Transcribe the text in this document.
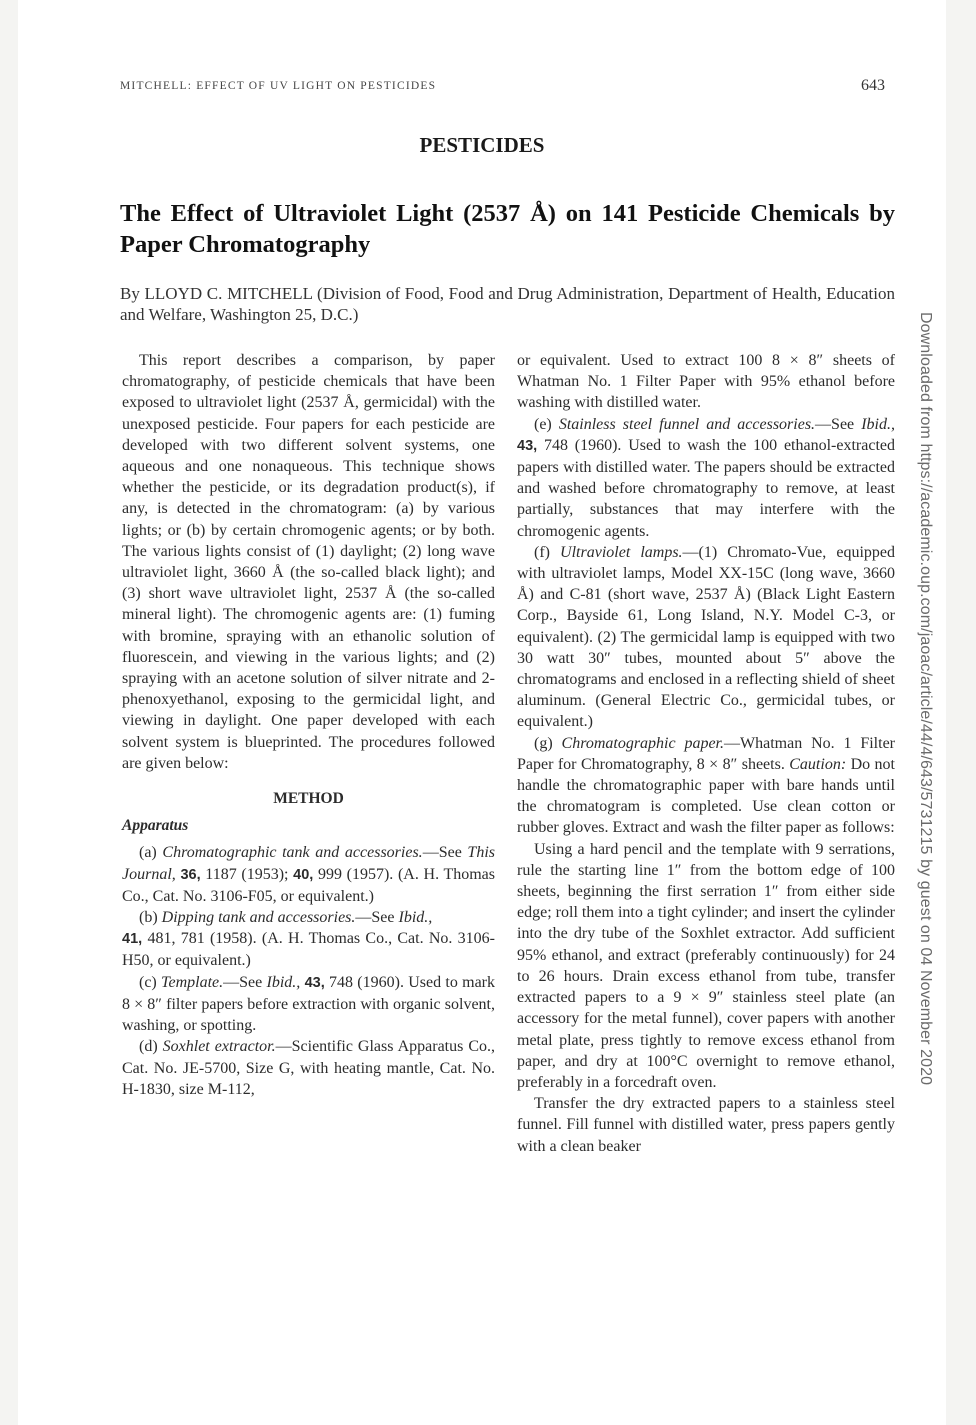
MITCHELL: EFFECT OF UV LIGHT ON PESTICIDES	643
PESTICIDES
The Effect of Ultraviolet Light (2537 Å) on 141 Pesticide Chemicals by Paper Chromatography
By LLOYD C. MITCHELL (Division of Food, Food and Drug Administration, Department of Health, Education and Welfare, Washington 25, D.C.)

This report describes a comparison, by paper chromatography, of pesticide chemicals that have been exposed to ultraviolet light (2537 Å, germicidal) with the unexposed pesticide. Four papers for each pesticide are developed with two different solvent systems, one aqueous and one nonaqueous. This technique shows whether the pesticide, or its degradation product(s), if any, is detected in the chromatogram: (a) by various lights; or (b) by certain chromogenic agents; or by both. The various lights consist of (1) daylight; (2) long wave ultraviolet light, 3660 Å (the so-called black light); and (3) short wave ultraviolet light, 2537 Å (the so-called mineral light). The chromogenic agents are: (1) fuming with bromine, spraying with an ethanolic solution of fluorescein, and viewing in the various lights; and (2) spraying with an acetone solution of silver nitrate and 2-phenoxyethanol, exposing to the germicidal light, and viewing in daylight. One paper developed with each solvent system is blueprinted. The procedures followed are given below:

METHOD
Apparatus

(a) Chromatographic tank and accessories.—See This Journal, 36, 1187 (1953); 40, 999 (1957). (A. H. Thomas Co., Cat. No. 3106-F05, or equivalent.)

(b) Dipping tank and accessories.—See Ibid.,
41, 481, 781 (1958). (A. H. Thomas Co., Cat. No. 3106-H50, or equivalent.)

(c) Template.—See Ibid., 43, 748 (1960). Used to mark 8 × 8″ filter papers before extraction with organic solvent, washing, or spotting.

(d) Soxhlet extractor.—Scientific Glass Apparatus Co., Cat. No. JE-5700, Size G, with heating mantle, Cat. No. H-1830, size M-112,

or equivalent. Used to extract 100 8 × 8″ sheets of Whatman No. 1 Filter Paper with 95% ethanol before washing with distilled water.

(e) Stainless steel funnel and accessories.—See Ibid., 43, 748 (1960). Used to wash the 100 ethanol-extracted papers with distilled water. The papers should be extracted and washed before chromatography to remove, at least partially, substances that may interfere with the chromogenic agents.

(f) Ultraviolet lamps.—(1) Chromato-Vue, equipped with ultraviolet lamps, Model XX-15C (long wave, 3660 Å) and C-81 (short wave, 2537 Å) (Black Light Eastern Corp., Bayside 61, Long Island, N.Y. Model C-3, or equivalent). (2) The germicidal lamp is equipped with two 30 watt 30″ tubes, mounted about 5″ above the chromatograms and enclosed in a reflecting shield of sheet aluminum. (General Electric Co., germicidal tubes, or equivalent.)

(g) Chromatographic paper.—Whatman No. 1 Filter Paper for Chromatography, 8 × 8″ sheets. Caution: Do not handle the chromatographic paper with bare hands until the chromatogram is completed. Use clean cotton or rubber gloves. Extract and wash the filter paper as follows:

Using a hard pencil and the template with 9 serrations, rule the starting line 1″ from the bottom edge of 100 sheets, beginning the first serration 1″ from either side edge; roll them into a tight cylinder; and insert the cylinder into the dry tube of the Soxhlet extractor. Add sufficient 95% ethanol, and extract (preferably continuously) for 24 to 26 hours. Drain excess ethanol from tube, transfer extracted papers to a 9 × 9″ stainless steel plate (an accessory for the metal funnel), cover papers with another metal plate, press tightly to remove excess ethanol from paper, and dry at 100°C overnight to remove ethanol, preferably in a forcedraft oven.

Transfer the dry extracted papers to a stainless steel funnel. Fill funnel with distilled water, press papers gently with a clean beaker

Downloaded from https://academic.oup.com/jaoac/article/44/4/643/5731215 by guest on 04 November 2020
